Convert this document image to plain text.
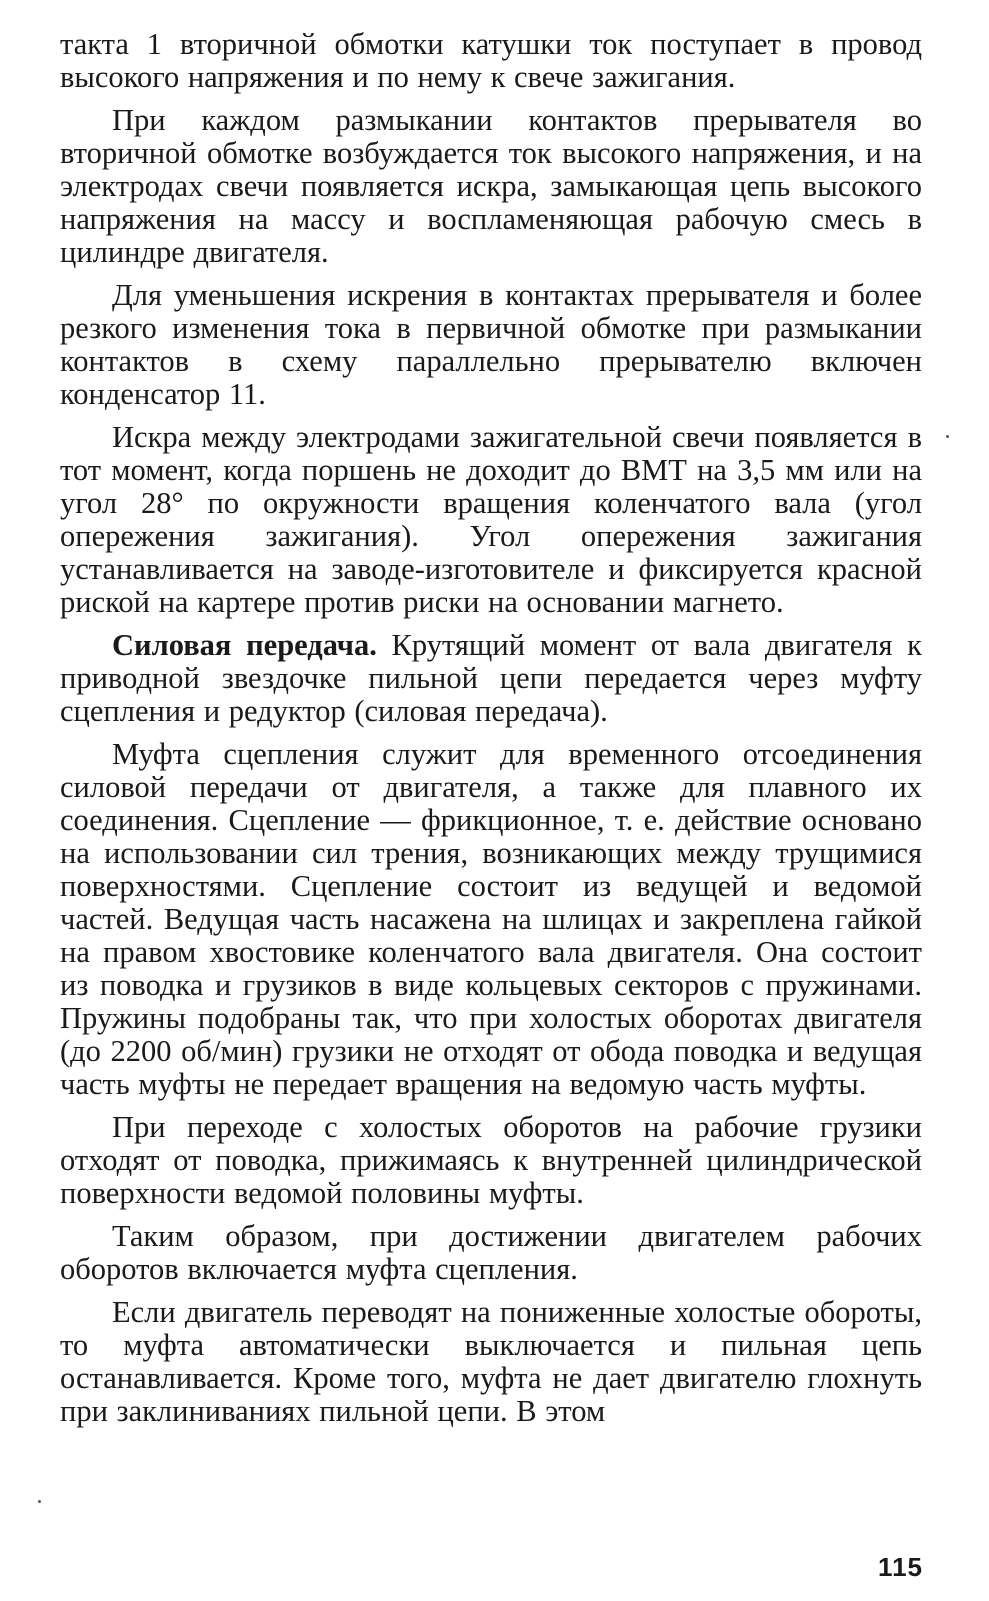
такта 1 вторичной обмотки катушки ток поступает в провод высокого напряжения и по нему к свече зажигания.

При каждом размыкании контактов прерывателя во вторичной обмотке возбуждается ток высокого напряжения, и на электродах свечи появляется искра, замыкающая цепь высокого напряжения на массу и воспламеняющая рабочую смесь в цилиндре двигателя.

Для уменьшения искрения в контактах прерывателя и более резкого изменения тока в первичной обмотке при размыкании контактов в схему параллельно прерывателю включен конденсатор 11.

Искра между электродами зажигательной свечи появляется в тот момент, когда поршень не доходит до ВМТ на 3,5 мм или на угол 28° по окружности вращения коленчатого вала (угол опережения зажигания). Угол опережения зажигания устанавливается на заводе-изготовителе и фиксируется красной риской на картере против риски на основании магнето.

Силовая передача. Крутящий момент от вала двигателя к приводной звездочке пильной цепи передается через муфту сцепления и редуктор (силовая передача).

Муфта сцепления служит для временного отсоединения силовой передачи от двигателя, а также для плавного их соединения. Сцепление — фрикционное, т. е. действие основано на использовании сил трения, возникающих между трущимися поверхностями. Сцепление состоит из ведущей и ведомой частей. Ведущая часть насажена на шлицах и закреплена гайкой на правом хвостовике коленчатого вала двигателя. Она состоит из поводка и грузиков в виде кольцевых секторов с пружинами. Пружины подобраны так, что при холостых оборотах двигателя (до 2200 об/мин) грузики не отходят от обода поводка и ведущая часть муфты не передает вращения на ведомую часть муфты.

При переходе с холостых оборотов на рабочие грузики отходят от поводка, прижимаясь к внутренней цилиндрической поверхности ведомой половины муфты.

Таким образом, при достижении двигателем рабочих оборотов включается муфта сцепления.

Если двигатель переводят на пониженные холостые обороты, то муфта автоматически выключается и пильная цепь останавливается. Кроме того, муфта не дает двигателю глохнуть при заклиниваниях пильной цепи. В этом

115
